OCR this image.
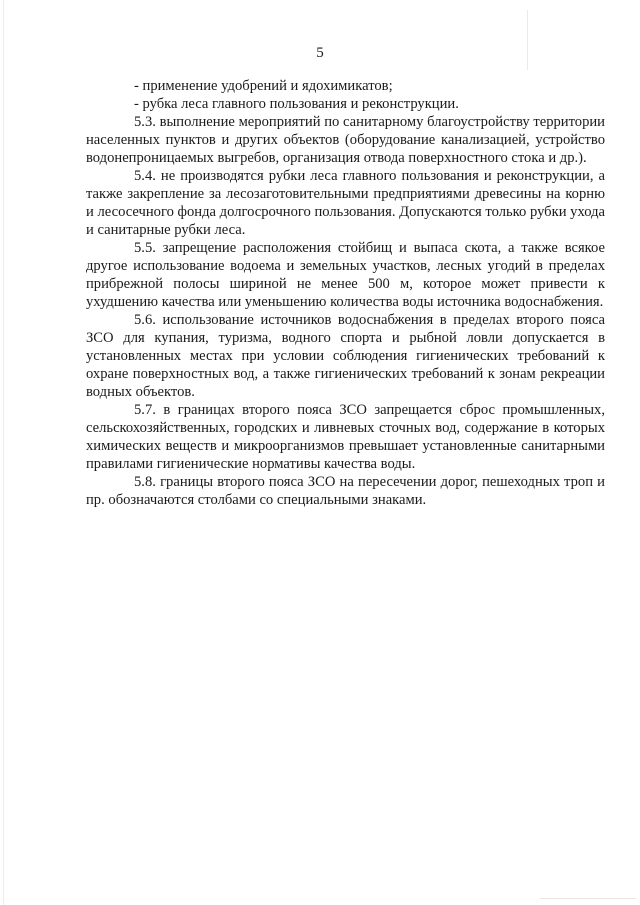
5

- применение удобрений и ядохимикатов;

- рубка леса главного пользования и реконструкции.

5.3. выполнение мероприятий по санитарному благоустройству территории населенных пунктов и других объектов (оборудование канализацией, устройство водонепроницаемых выгребов, организация отвода поверхностного стока и др.).

5.4. не производятся рубки леса главного пользования и реконструкции, а также закрепление за лесозаготовительными предприятиями древесины на корню и лесосечного фонда долгосрочного пользования. Допускаются только рубки ухода и санитарные рубки леса.

5.5. запрещение расположения стойбищ и выпаса скота, а также всякое другое использование водоема и земельных участков, лесных угодий в пределах прибрежной полосы шириной не менее 500 м, которое может привести к ухудшению качества или уменьшению количества воды источника водоснабжения.

5.6. использование источников водоснабжения в пределах второго пояса ЗСО для купания, туризма, водного спорта и рыбной ловли допускается в установленных местах при условии соблюдения гигиенических требований к охране поверхностных вод, а также гигиенических требований к зонам рекреации водных объектов.

5.7. в границах второго пояса ЗСО запрещается сброс промышленных, сельскохозяйственных, городских и ливневых сточных вод, содержание в которых химических веществ и микроорганизмов превышает установленные санитарными правилами гигиенические нормативы качества воды.

5.8. границы второго пояса ЗСО на пересечении дорог, пешеходных троп и пр. обозначаются столбами со специальными знаками.
